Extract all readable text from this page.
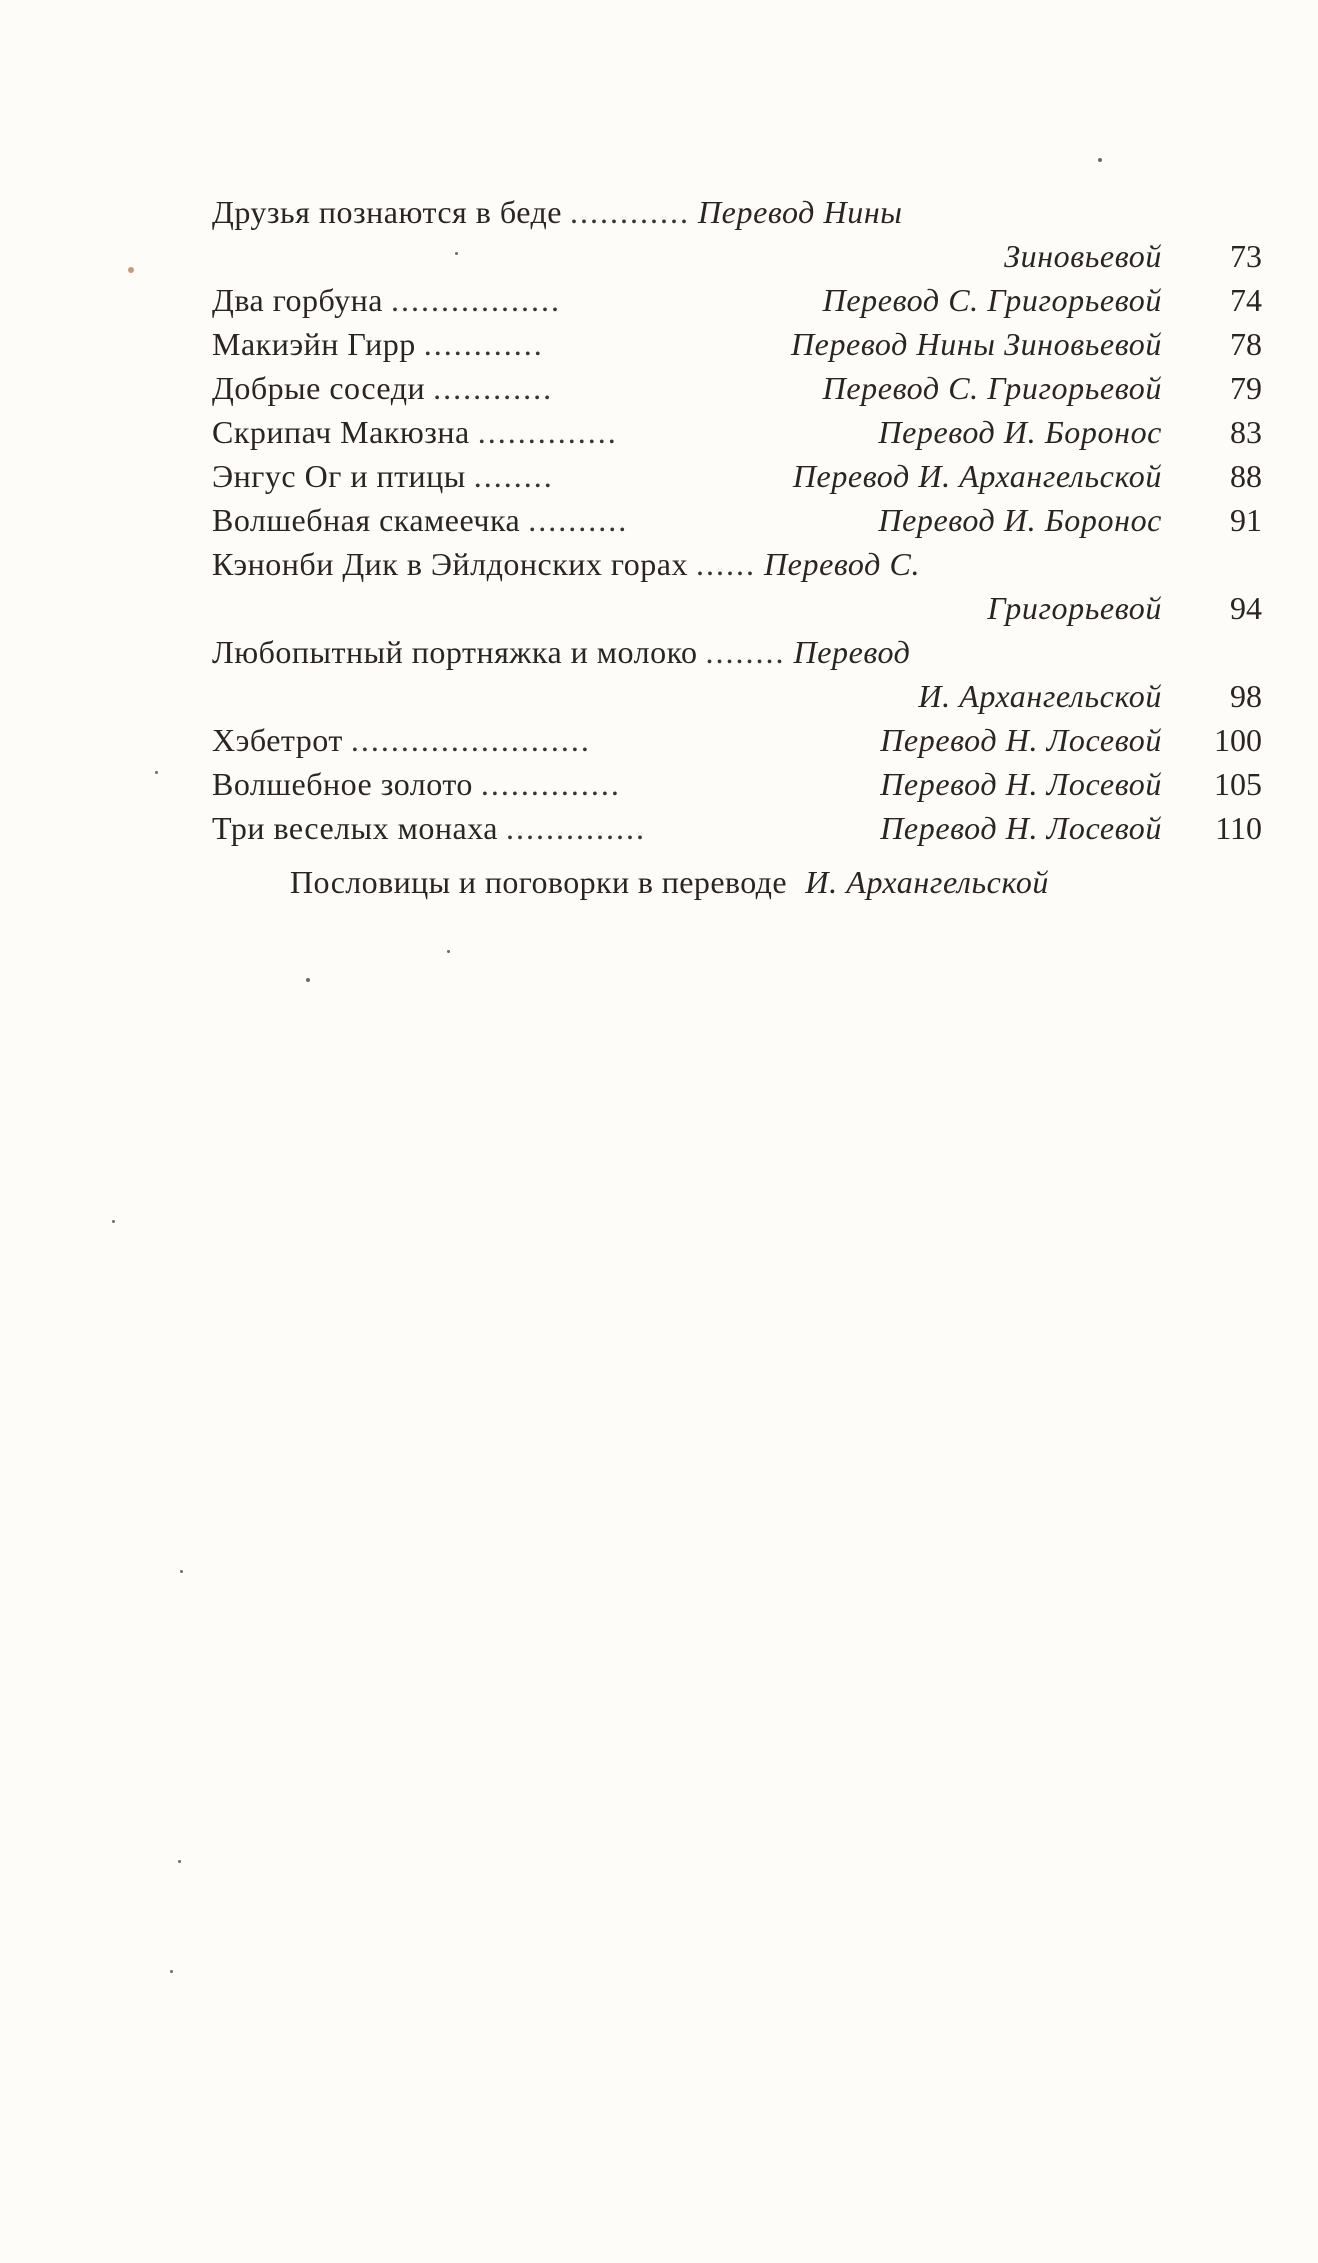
Друзья познаются в беде ............ Перевод Нины
Зиновьевой	73
Два горбуна .................	Перевод С. Григорьевой	74
Макиэйн Гирр ............	Перевод Нины Зиновьевой	78
Добрые соседи ............	Перевод С. Григорьевой	79
Скрипач Макюзна ..............	Перевод И. Боронос	83
Энгус Ог и птицы ........	Перевод И. Архангельской	88
Волшебная скамеечка ..........	Перевод И. Боронос	91
Кэнонби Дик в Эйлдонских горах ...... Перевод С.
Григорьевой	94
Любопытный портняжка и молоко ........ Перевод
И. Архангельской	98
Хэбетрот ........................	Перевод Н. Лосевой	100
Волшебное золото ..............	Перевод Н. Лосевой	105
Три веселых монаха ..............	Перевод Н. Лосевой	110
Пословицы и поговорки в переводе И. Архангельской
